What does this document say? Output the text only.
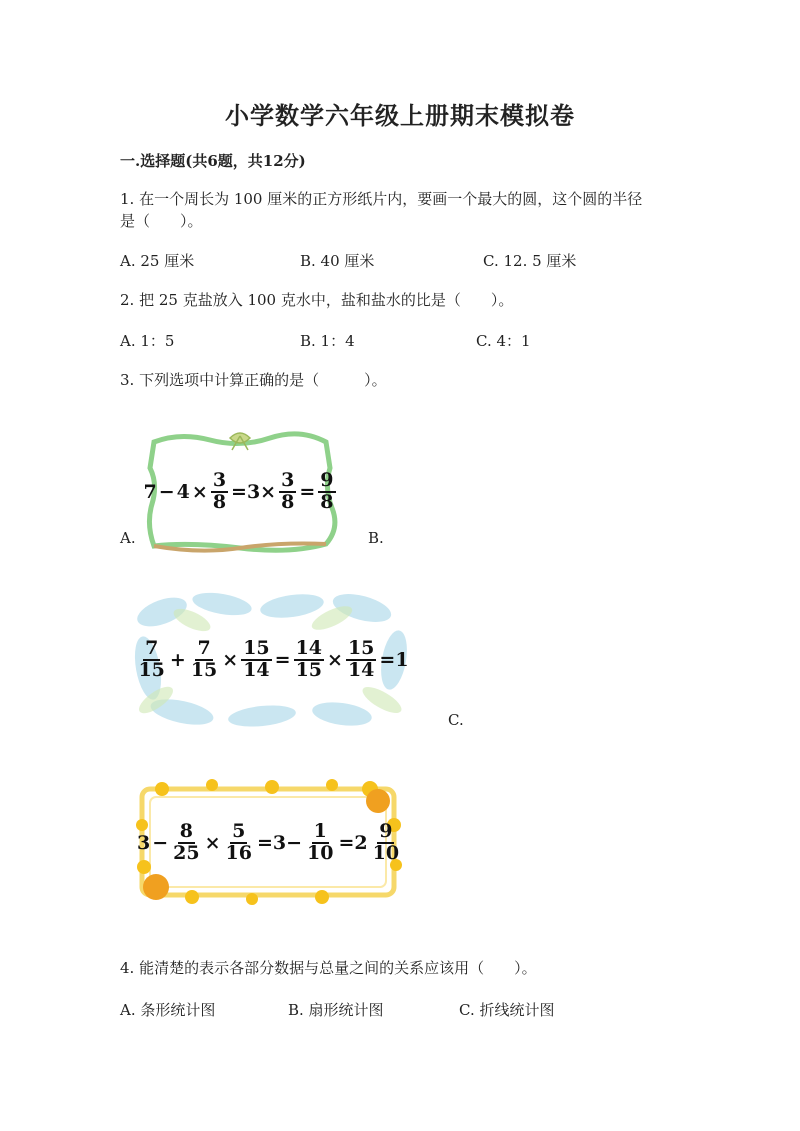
小学数学六年级上册期末模拟卷
一.选择题(共6题，共12分)
1. 在一个周长为 100 厘米的正方形纸片内，要画一个最大的圆，这个圆的半径
是（　　）。
A. 25 厘米	B. 40 厘米	C. 12. 5 厘米
2. 把 25 克盐放入 100 克水中，盐和盐水的比是（　　）。
A. 1：5	B. 1：4	C. 4：1
3. 下列选项中计算正确的是（　　　）。
$7 - 4 \times \frac{3}{8} =3\times \frac{3}{8} = \frac{9}{8}$
A.	B.
$\frac{7}{15} + \frac{7}{15} \times \frac{15}{14} = \frac{14}{15} \times \frac{15}{14} =1$
C.
$3 - \frac{8}{25} \times \frac{5}{16} =3- \frac{1}{10} =2 \frac{9}{10}$
4. 能清楚的表示各部分数据与总量之间的关系应该用（　　）。
A. 条形统计图	B. 扇形统计图	C. 折线统计图
